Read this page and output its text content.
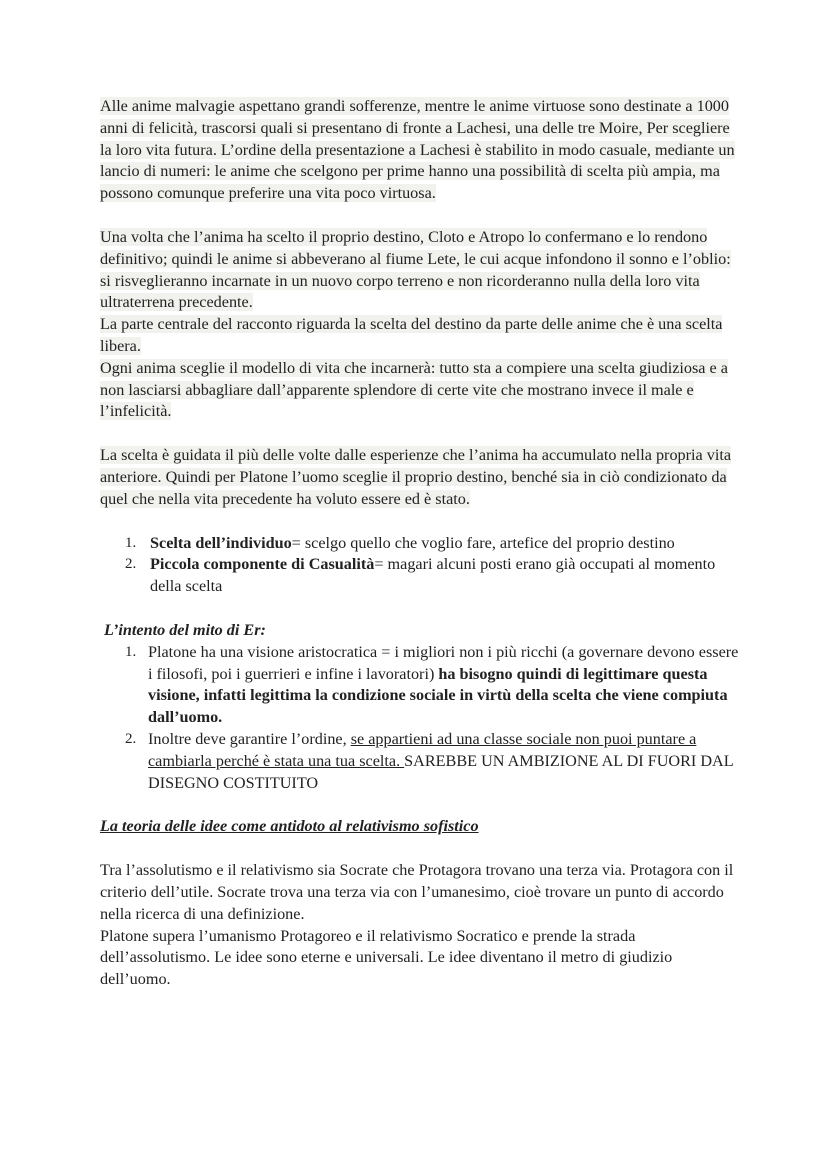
Alle anime malvagie aspettano grandi sofferenze, mentre le anime virtuose sono destinate a 1000 anni di felicità, trascorsi quali si presentano di fronte a Lachesi, una delle tre Moire, Per scegliere la loro vita futura. L’ordine della presentazione a Lachesi è stabilito in modo casuale, mediante un lancio di numeri: le anime che scelgono per prime hanno una possibilità di scelta più ampia, ma possono comunque preferire una vita poco virtuosa.

Una volta che l’anima ha scelto il proprio destino, Cloto e Atropo lo confermano e lo rendono definitivo; quindi le anime si abbeverano al fiume Lete, le cui acque infondono il sonno e l’oblio: si risveglieranno incarnate in un nuovo corpo terreno e non ricorderanno nulla della loro vita ultraterrena precedente.

La parte centrale del racconto riguarda la scelta del destino da parte delle anime che è una scelta libera.

Ogni anima sceglie il modello di vita che incarnerà: tutto sta a compiere una scelta giudiziosa e a non lasciarsi abbagliare dall’apparente splendore di certe vite che mostrano invece il male e l’infelicità.

La scelta è guidata il più delle volte dalle esperienze che l’anima ha accumulato nella propria vita anteriore. Quindi per Platone l’uomo sceglie il proprio destino, benché sia in ciò condizionato da quel che nella vita precedente ha voluto essere ed è stato.

1. Scelta dell’individuo= scelgo quello che voglio fare, artefice del proprio destino
2. Piccola componente di Casualità= magari alcuni posti erano già occupati al momento della scelta

L’intento del mito di Er:

1. Platone ha una visione aristocratica = i migliori non i più ricchi (a governare devono essere i filosofi, poi i guerrieri e infine i lavoratori) ha bisogno quindi di legittimare questa visione, infatti legittima la condizione sociale in virtù della scelta che viene compiuta dall’uomo.
2. Inoltre deve garantire l’ordine, se appartieni ad una classe sociale non puoi puntare a cambiarla perché è stata una tua scelta. SAREBBE UN AMBIZIONE AL DI FUORI DAL DISEGNO COSTITUITO

La teoria delle idee come antidoto al relativismo sofistico

Tra l’assolutismo e il relativismo sia Socrate che Protagora trovano una terza via. Protagora con il criterio dell’utile. Socrate trova una terza via con l’umanesimo, cioè trovare un punto di accordo nella ricerca di una definizione.

Platone supera l’umanismo Protagoreo e il relativismo Socratico e prende la strada dell’assolutismo. Le idee sono eterne e universali. Le idee diventano il metro di giudizio dell’uomo.
